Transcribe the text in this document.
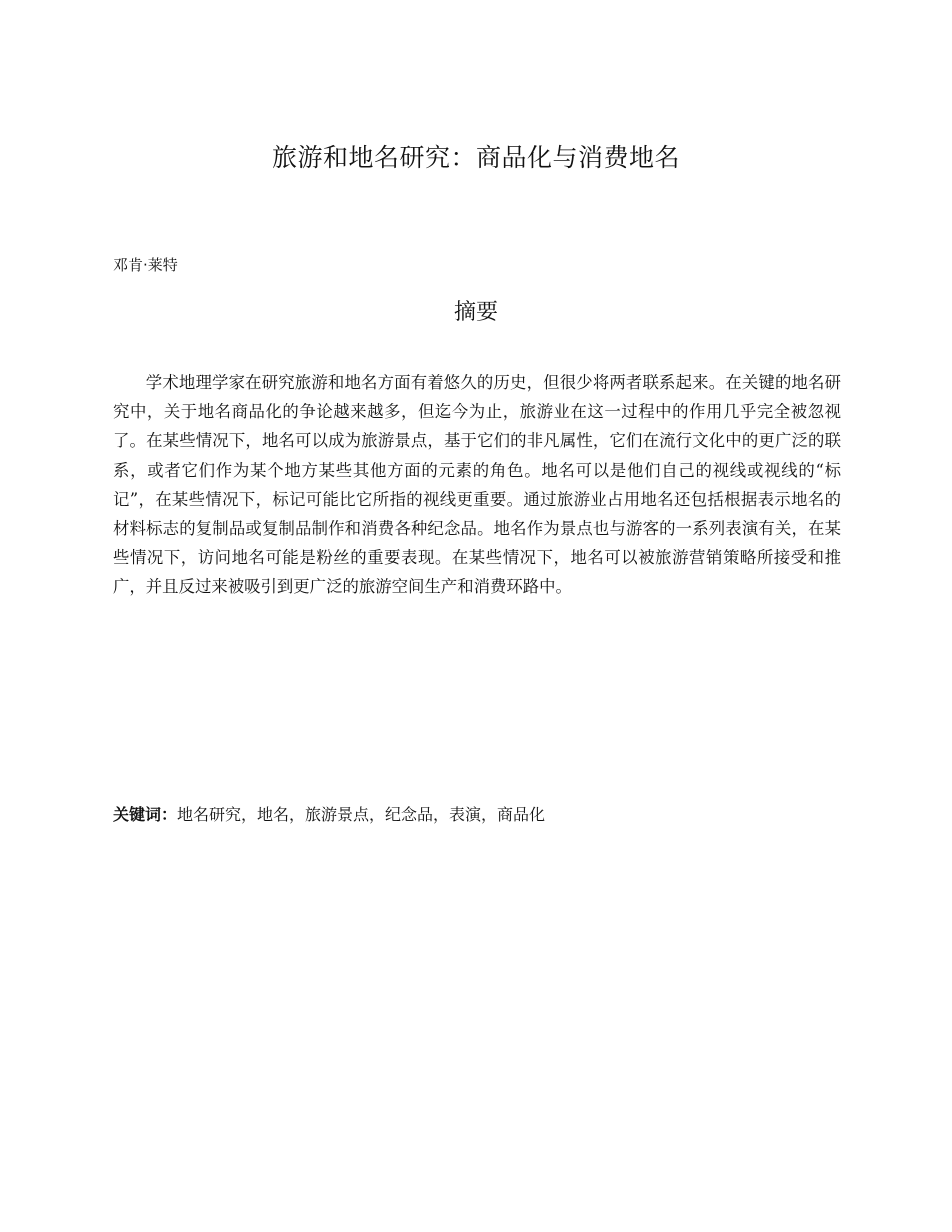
旅游和地名研究：商品化与消费地名
邓肯·莱特
摘要

学术地理学家在研究旅游和地名方面有着悠久的历史，但很少将两者联系起来。在关键的地名研究中，关于地名商品化的争论越来越多，但迄今为止，旅游业在这一过程中的作用几乎完全被忽视了。在某些情况下，地名可以成为旅游景点，基于它们的非凡属性，它们在流行文化中的更广泛的联系，或者它们作为某个地方某些其他方面的元素的角色。地名可以是他们自己的视线或视线的“标记”，在某些情况下，标记可能比它所指的视线更重要。通过旅游业占用地名还包括根据表示地名的材料标志的复制品或复制品制作和消费各种纪念品。地名作为景点也与游客的一系列表演有关，在某些情况下，访问地名可能是粉丝的重要表现。在某些情况下，地名可以被旅游营销策略所接受和推广，并且反过来被吸引到更广泛的旅游空间生产和消费环路中。

关键词：地名研究，地名，旅游景点，纪念品，表演，商品化
